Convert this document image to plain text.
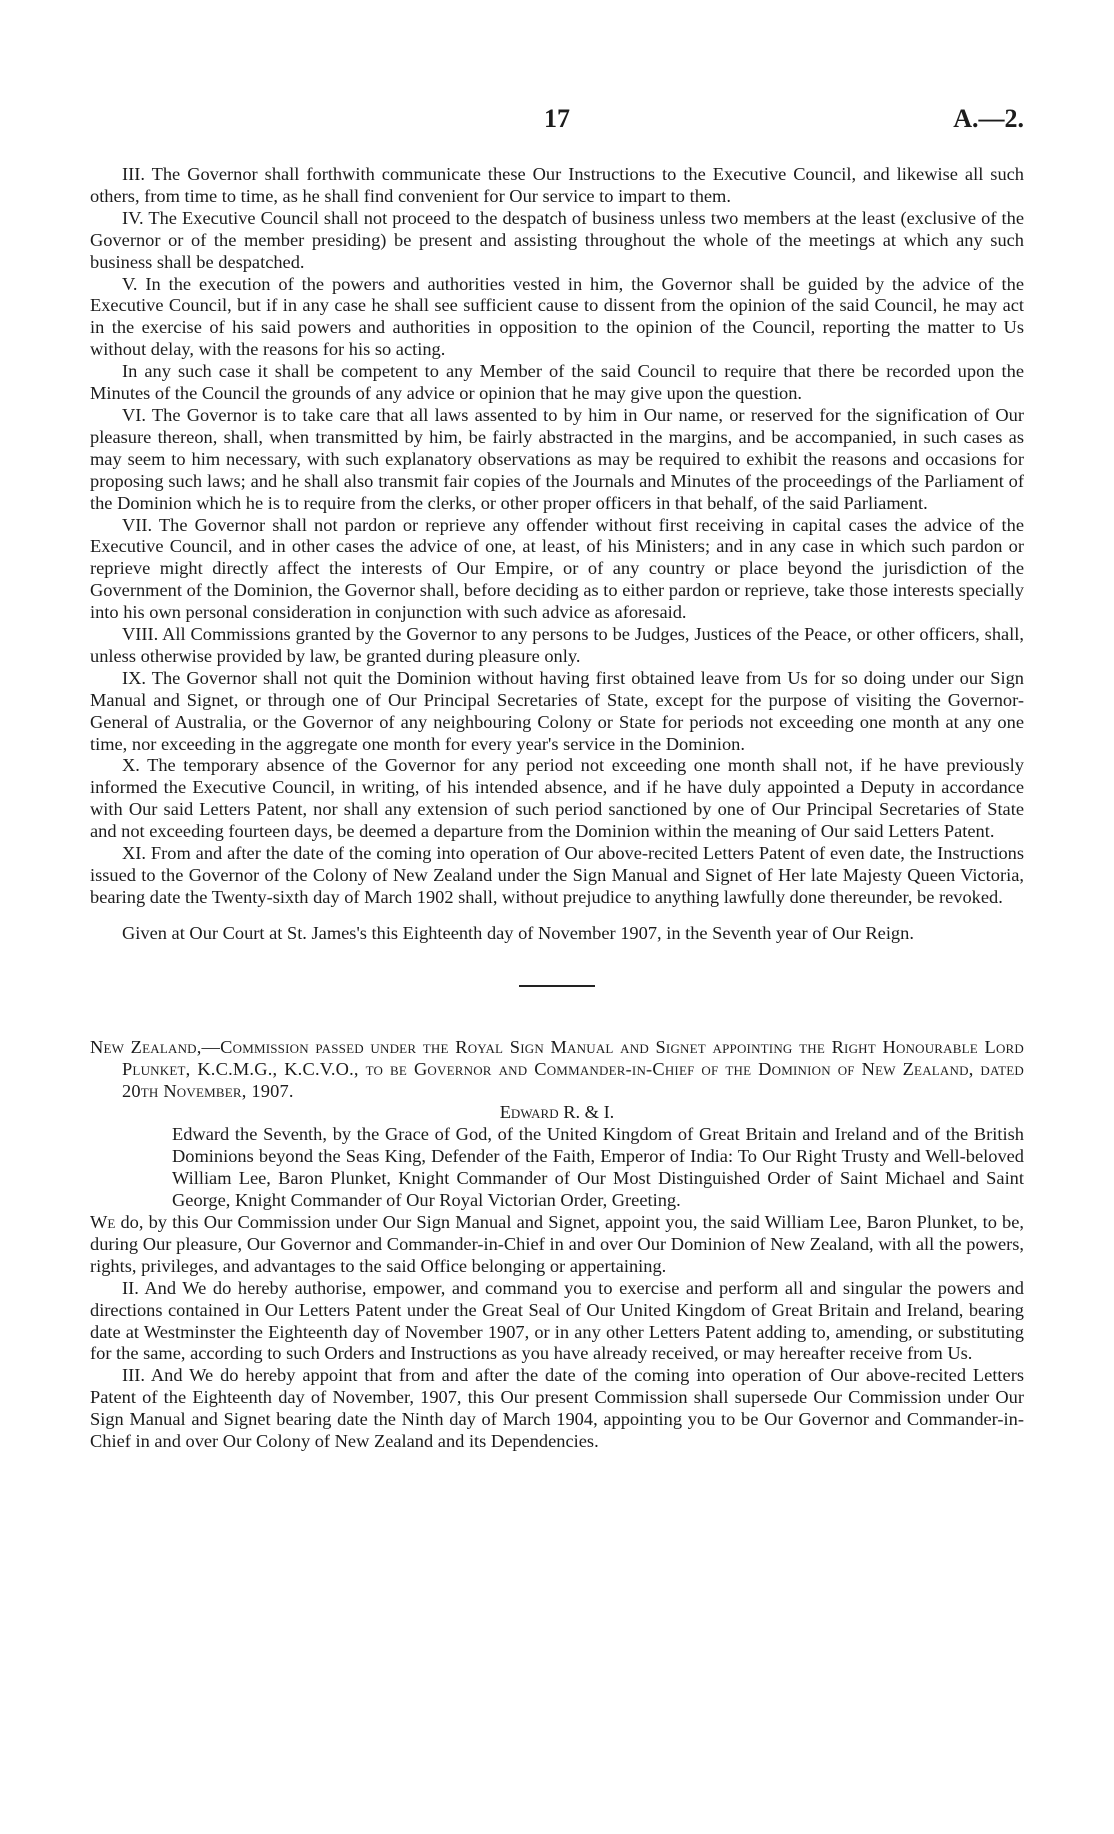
17	A.—2.

III. The Governor shall forthwith communicate these Our Instructions to the Executive Council, and likewise all such others, from time to time, as he shall find convenient for Our service to impart to them.

IV. The Executive Council shall not proceed to the despatch of business unless two members at the least (exclusive of the Governor or of the member presiding) be present and assisting throughout the whole of the meetings at which any such business shall be despatched.

V. In the execution of the powers and authorities vested in him, the Governor shall be guided by the advice of the Executive Council, but if in any case he shall see sufficient cause to dissent from the opinion of the said Council, he may act in the exercise of his said powers and authorities in opposition to the opinion of the Council, reporting the matter to Us without delay, with the reasons for his so acting.

In any such case it shall be competent to any Member of the said Council to require that there be recorded upon the Minutes of the Council the grounds of any advice or opinion that he may give upon the question.

VI. The Governor is to take care that all laws assented to by him in Our name, or reserved for the signification of Our pleasure thereon, shall, when transmitted by him, be fairly abstracted in the margins, and be accompanied, in such cases as may seem to him necessary, with such explanatory observations as may be required to exhibit the reasons and occasions for proposing such laws; and he shall also transmit fair copies of the Journals and Minutes of the proceedings of the Parliament of the Dominion which he is to require from the clerks, or other proper officers in that behalf, of the said Parliament.

VII. The Governor shall not pardon or reprieve any offender without first receiving in capital cases the advice of the Executive Council, and in other cases the advice of one, at least, of his Ministers; and in any case in which such pardon or reprieve might directly affect the interests of Our Empire, or of any country or place beyond the jurisdiction of the Government of the Dominion, the Governor shall, before deciding as to either pardon or reprieve, take those interests specially into his own personal consideration in conjunction with such advice as aforesaid.

VIII. All Commissions granted by the Governor to any persons to be Judges, Justices of the Peace, or other officers, shall, unless otherwise provided by law, be granted during pleasure only.

IX. The Governor shall not quit the Dominion without having first obtained leave from Us for so doing under our Sign Manual and Signet, or through one of Our Principal Secretaries of State, except for the purpose of visiting the Governor-General of Australia, or the Governor of any neighbouring Colony or State for periods not exceeding one month at any one time, nor exceeding in the aggregate one month for every year's service in the Dominion.

X. The temporary absence of the Governor for any period not exceeding one month shall not, if he have previously informed the Executive Council, in writing, of his intended absence, and if he have duly appointed a Deputy in accordance with Our said Letters Patent, nor shall any extension of such period sanctioned by one of Our Principal Secretaries of State and not exceeding fourteen days, be deemed a departure from the Dominion within the meaning of Our said Letters Patent.

XI. From and after the date of the coming into operation of Our above-recited Letters Patent of even date, the Instructions issued to the Governor of the Colony of New Zealand under the Sign Manual and Signet of Her late Majesty Queen Victoria, bearing date the Twenty-sixth day of March 1902 shall, without prejudice to anything lawfully done thereunder, be revoked.

Given at Our Court at St. James's this Eighteenth day of November 1907, in the Seventh year of Our Reign.

New Zealand,—Commission passed under the Royal Sign Manual and Signet appointing the Right Honourable Lord Plunket, K.C.M.G., K.C.V.O., to be Governor and Commander-in-Chief of the Dominion of New Zealand, dated 20th November, 1907.

Edward R. & I.

Edward the Seventh, by the Grace of God, of the United Kingdom of Great Britain and Ireland and of the British Dominions beyond the Seas King, Defender of the Faith, Emperor of India: To Our Right Trusty and Well-beloved William Lee, Baron Plunket, Knight Commander of Our Most Distinguished Order of Saint Michael and Saint George, Knight Commander of Our Royal Victorian Order, Greeting.

We do, by this Our Commission under Our Sign Manual and Signet, appoint you, the said William Lee, Baron Plunket, to be, during Our pleasure, Our Governor and Commander-in-Chief in and over Our Dominion of New Zealand, with all the powers, rights, privileges, and advantages to the said Office belonging or appertaining.

II. And We do hereby authorise, empower, and command you to exercise and perform all and singular the powers and directions contained in Our Letters Patent under the Great Seal of Our United Kingdom of Great Britain and Ireland, bearing date at Westminster the Eighteenth day of November 1907, or in any other Letters Patent adding to, amending, or substituting for the same, according to such Orders and Instructions as you have already received, or may hereafter receive from Us.

III. And We do hereby appoint that from and after the date of the coming into operation of Our above-recited Letters Patent of the Eighteenth day of November, 1907, this Our present Commission shall supersede Our Commission under Our Sign Manual and Signet bearing date the Ninth day of March 1904, appointing you to be Our Governor and Commander-in-Chief in and over Our Colony of New Zealand and its Dependencies.
